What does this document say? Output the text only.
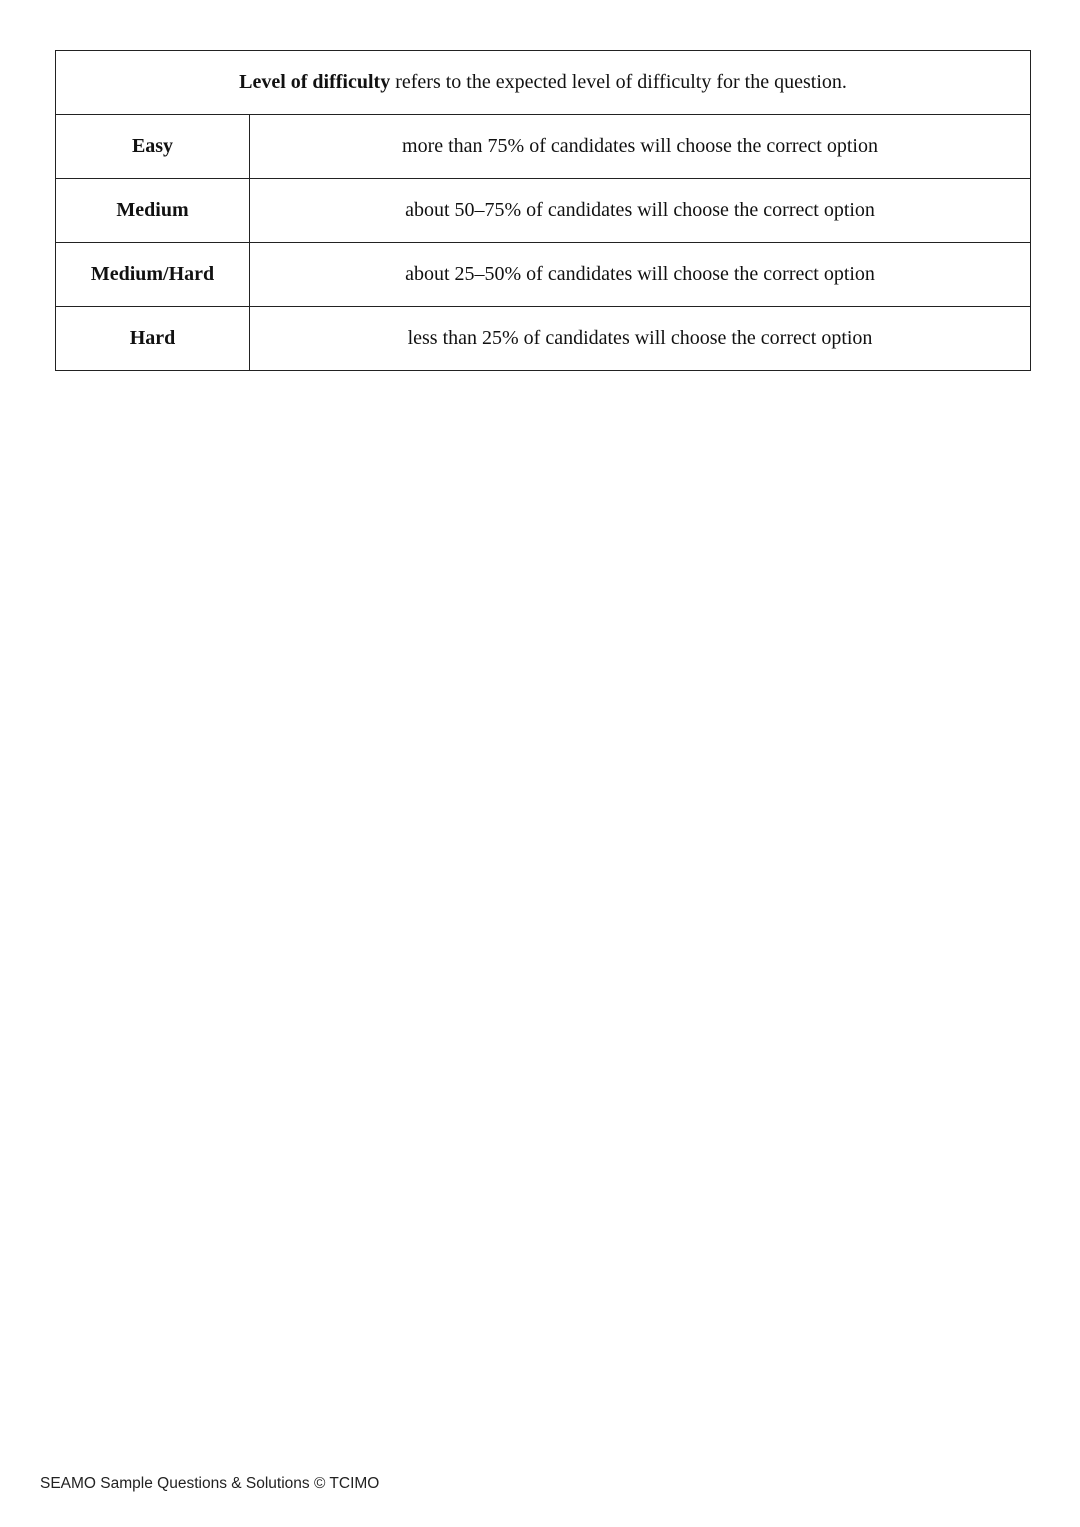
Level of difficulty refers to the expected level of difficulty for the question.	
Easy	more than 75% of candidates will choose the correct option
Medium	about 50–75% of candidates will choose the correct option
Medium/Hard	about 25–50% of candidates will choose the correct option
Hard	less than 25% of candidates will choose the correct option
SEAMO Sample Questions & Solutions © TCIMO
